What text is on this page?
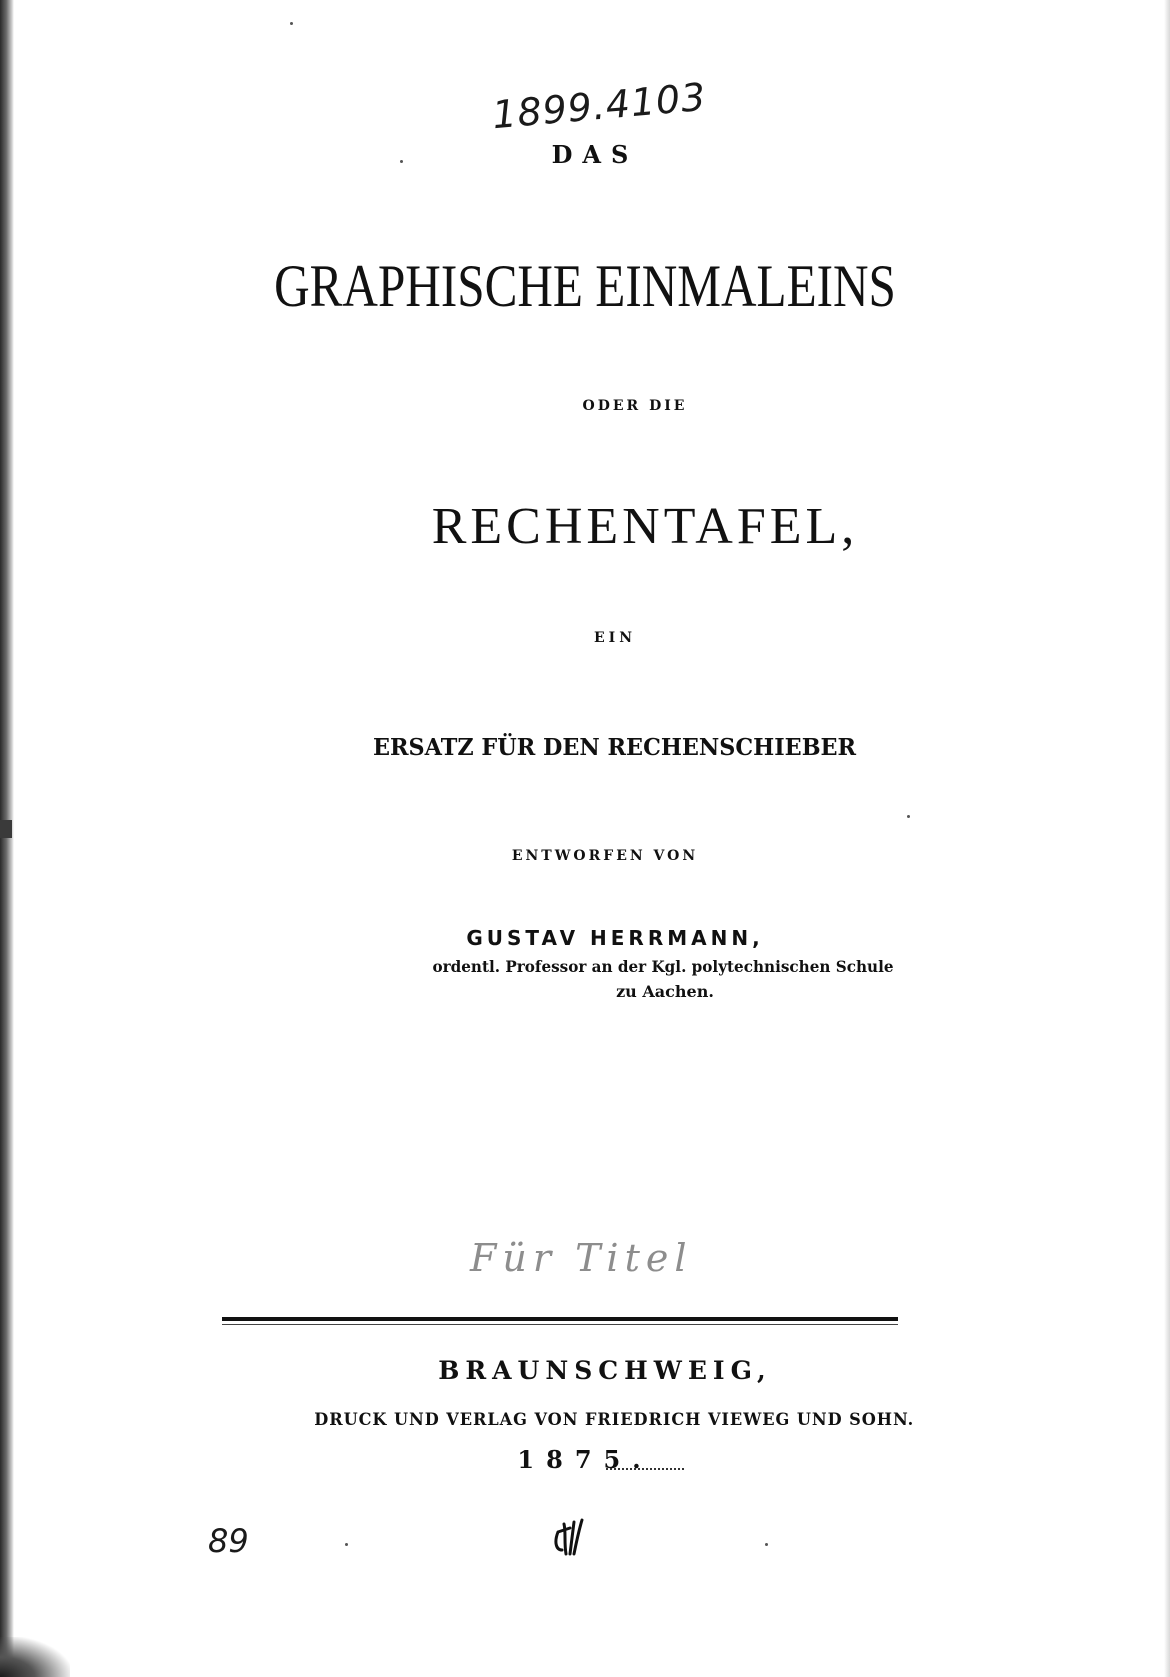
1899.4103
DAS
GRAPHISCHE EINMALEINS
ODER DIE
RECHENTAFEL,
EIN
ERSATZ FÜR DEN RECHENSCHIEBER
ENTWORFEN VON
GUSTAV HERRMANN,
ordentl. Professor an der Kgl. polytechnischen Schule
zu Aachen.
Für Titel
BRAUNSCHWEIG,
DRUCK UND VERLAG VON FRIEDRICH VIEWEG UND SOHN.
1875.
89
